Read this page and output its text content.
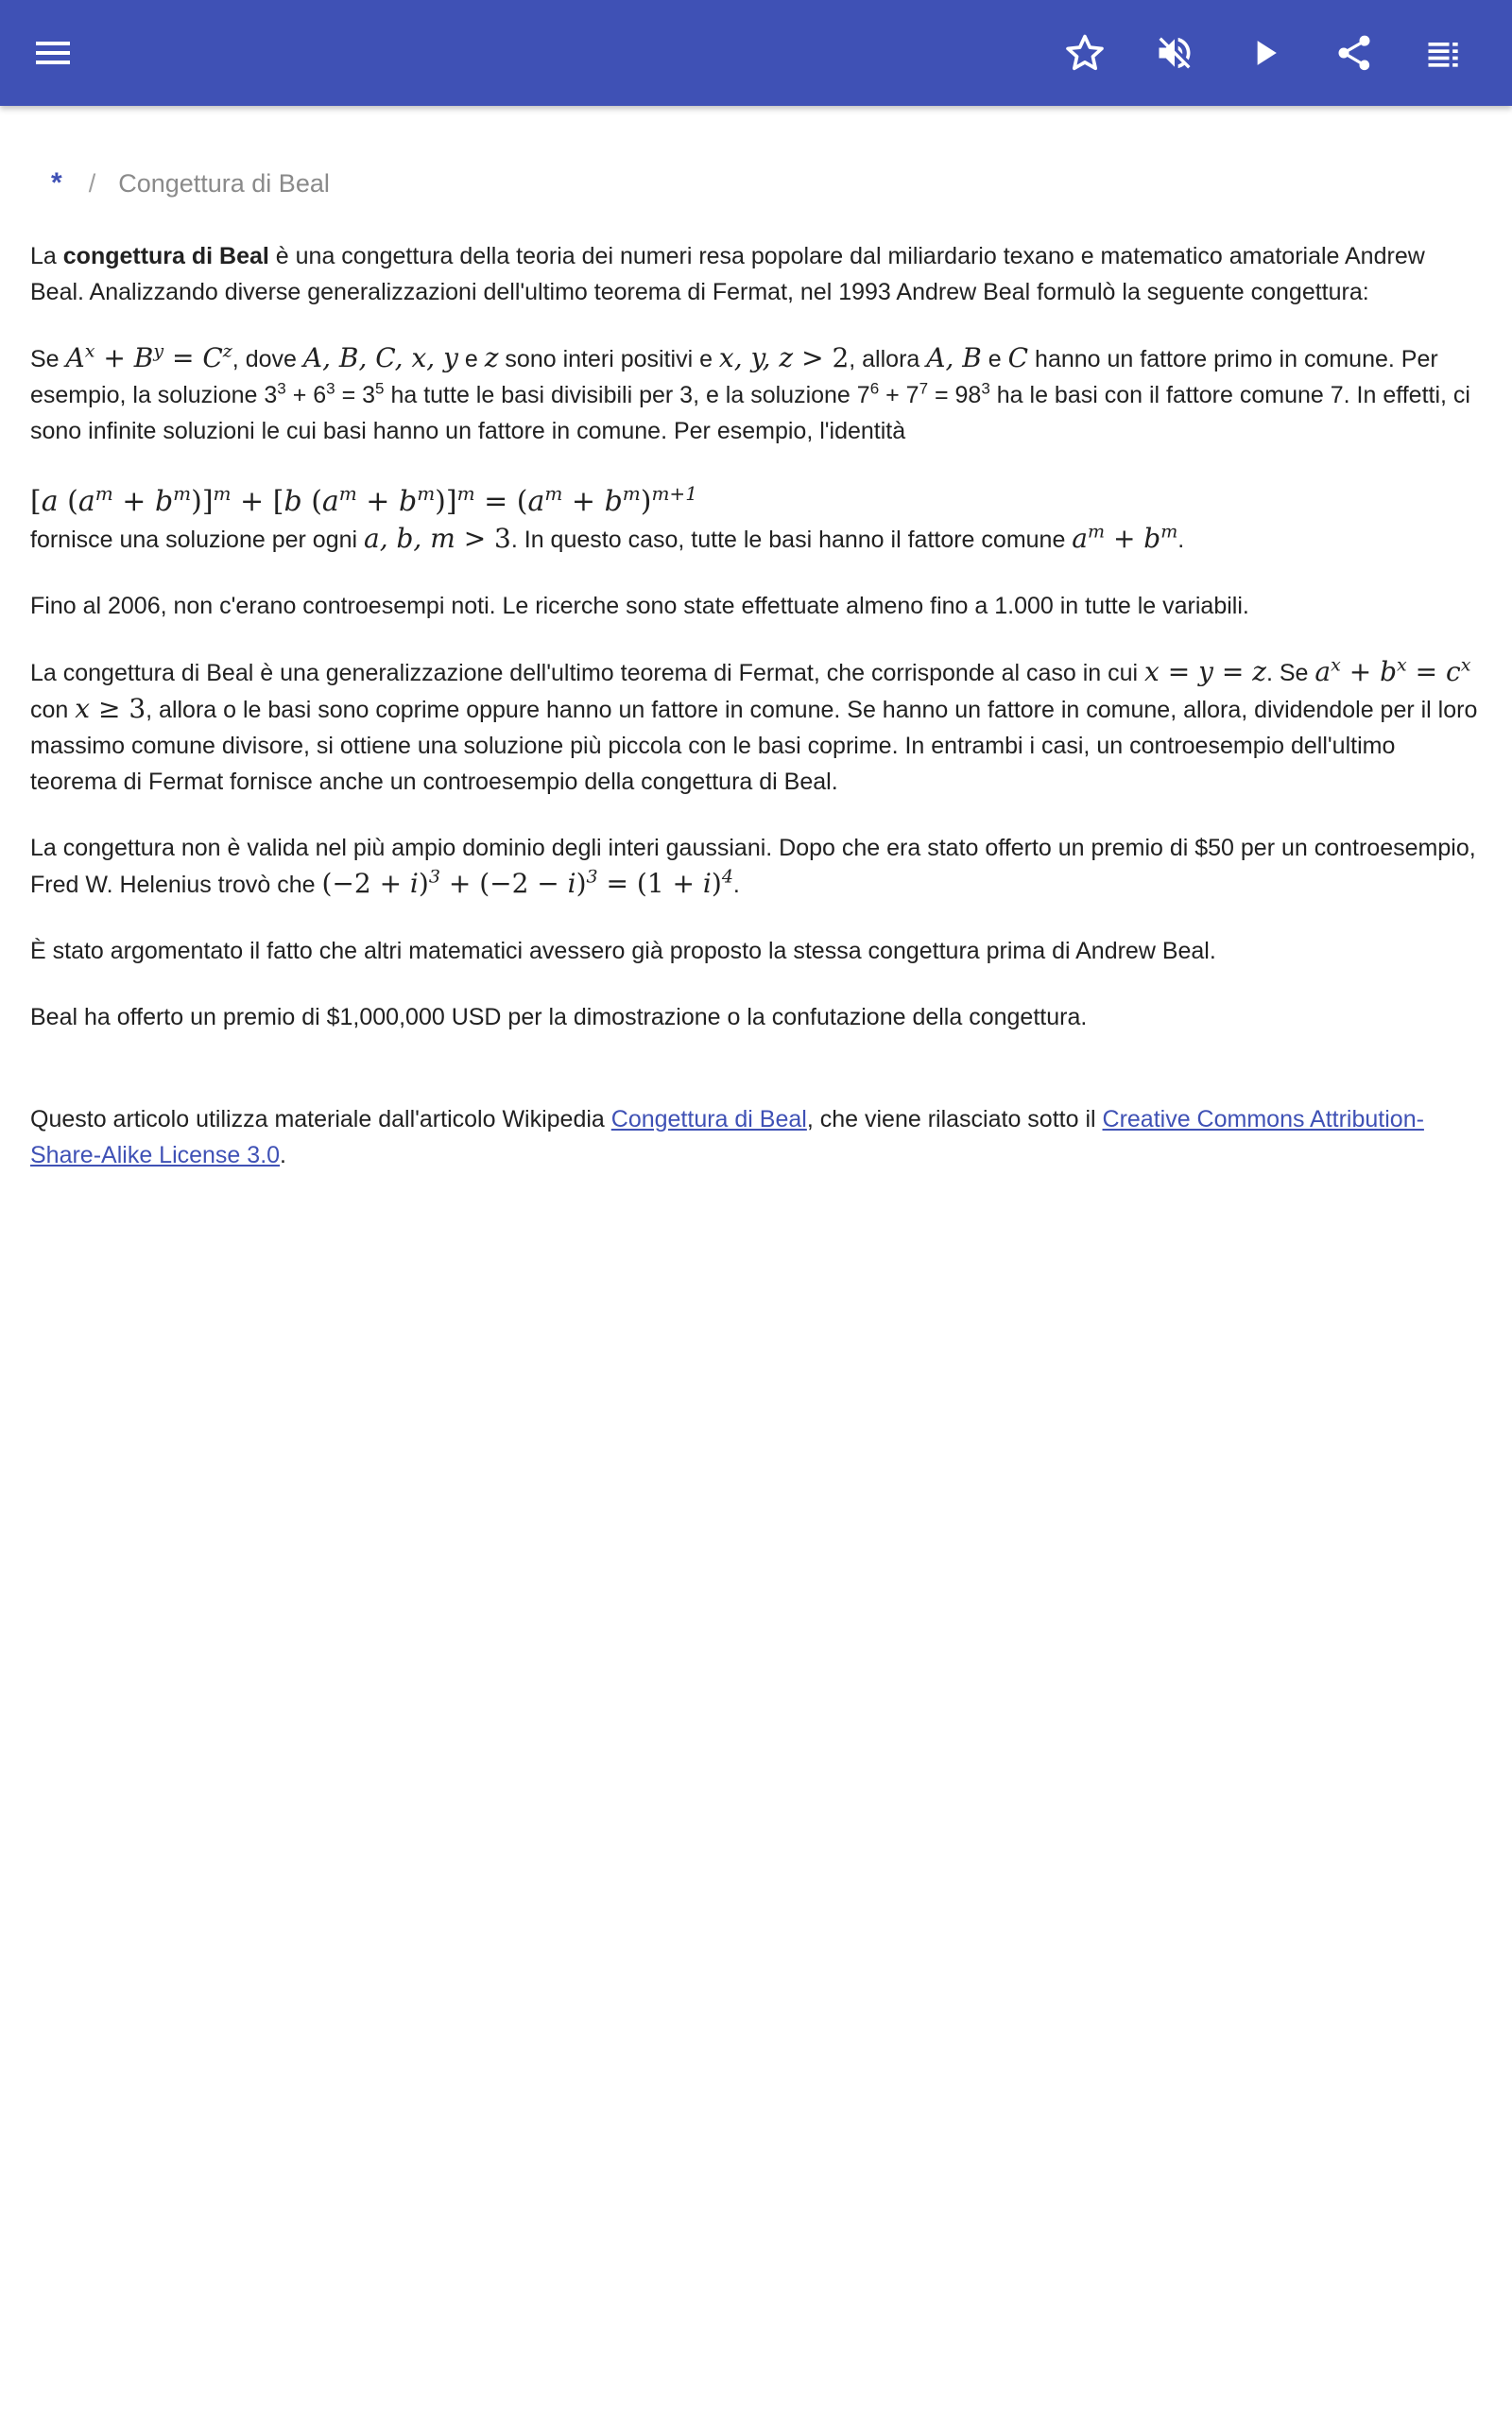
* / Congettura di Beal

La congettura di Beal è una congettura della teoria dei numeri resa popolare dal miliardario texano e matematico amatoriale Andrew Beal. Analizzando diverse generalizzazioni dell'ultimo teorema di Fermat, nel 1993 Andrew Beal formulò la seguente congettura:

Se $A^x + B^y = C^z$, dove A, B, C, x, y e z sono interi positivi e x, y, z > 2, allora A, B e C hanno un fattore primo in comune. Per esempio, la soluzione $3^3 + 6^3 = 3^5$ ha tutte le basi divisibili per 3, e la soluzione $7^6 + 7^7 = 98^3$ ha le basi con il fattore comune 7. In effetti, ci sono infinite soluzioni le cui basi hanno un fattore in comune. Per esempio, l'identità

[a $(a^m + b^m)]^m + [b$ $(a^m + b^m)]^m = (a^m + b^m)^{m+1}$

fornisce una soluzione per ogni a, b, m > 3. In questo caso, tutte le basi hanno il fattore comune $a^m + b^m$.

Fino al 2006, non c'erano controesempi noti. Le ricerche sono state effettuate almeno fino a 1.000 in tutte le variabili.

La congettura di Beal è una generalizzazione dell'ultimo teorema di Fermat, che corrisponde al caso in cui x = y = z. Se $a^x + b^x = c^x$ con x ≥ 3, allora o le basi sono coprime oppure hanno un fattore in comune. Se hanno un fattore in comune, allora, dividendole per il loro massimo comune divisore, si ottiene una soluzione più piccola con le basi coprime. In entrambi i casi, un controesempio dell'ultimo teorema di Fermat fornisce anche un controesempio della congettura di Beal.

La congettura non è valida nel più ampio dominio degli interi gaussiani. Dopo che era stato offerto un premio di $50 per un controesempio, Fred W. Helenius trovò che $(-2 + i)^3 + (-2 - i)^3 = (1 + i)^4$.

È stato argomentato il fatto che altri matematici avessero già proposto la stessa congettura prima di Andrew Beal.

Beal ha offerto un premio di $1,000,000 USD per la dimostrazione o la confutazione della congettura.

Questo articolo utilizza materiale dall'articolo Wikipedia Congettura di Beal, che viene rilasciato sotto il Creative Commons Attribution-Share-Alike License 3.0.
